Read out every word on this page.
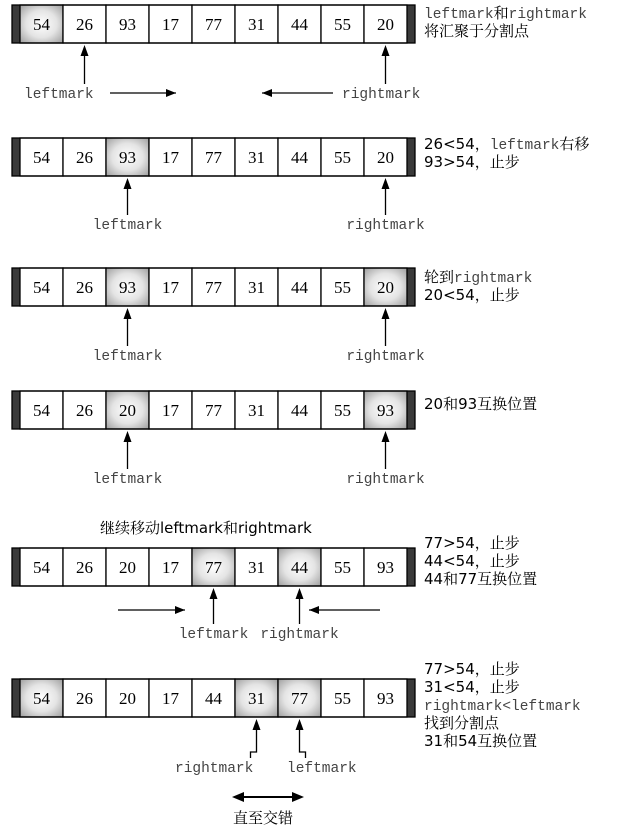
继续移动leftmark和rightmark
直至交错
54 26 93 17 77 31 44 55 20 leftmark和rightmark
将汇聚于分割点
leftmark	rightmark
54 26 93 17 77 31 44 55 20
26<54，leftmark右移
93>54，止步
leftmark	rightmark
54 26 93 17 77 31 44 55 20
轮到rightmark
20<54，止步
leftmark	rightmark
54 26 20 17 77 31 44 55 93 20和93互换位置
leftmark	rightmark
54 26 20 17 77 31 44 55 93
77>54，止步
44<54，止步
44和77互换位置
leftmark rightmark
54 26 20 17 44 31 77 55 93
77>54，止步
31<54，止步
rightmark<leftmark
找到分割点
31和54互换位置
rightmark leftmark
